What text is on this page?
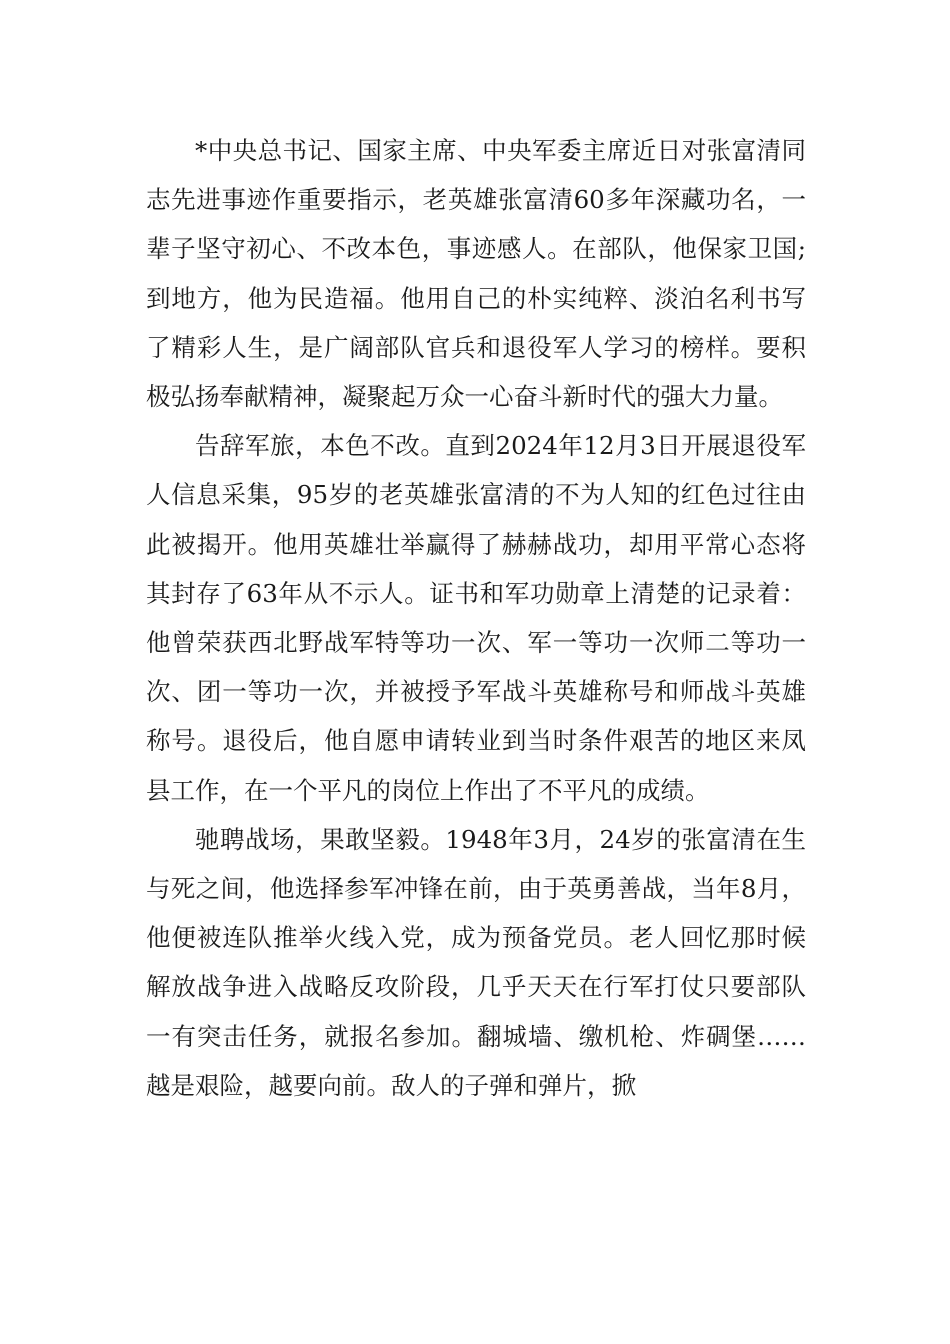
*中央总书记、国家主席、中央军委主席近日对张富清同志先进事迹作重要指示，老英雄张富清60多年深藏功名，一辈子坚守初心、不改本色，事迹感人。在部队，他保家卫国;到地方，他为民造福。他用自己的朴实纯粹、淡泊名利书写了精彩人生，是广阔部队官兵和退役军人学习的榜样。要积极弘扬奉献精神，凝聚起万众一心奋斗新时代的强大力量。

告辞军旅，本色不改。直到2024年12月3日开展退役军人信息采集，95岁的老英雄张富清的不为人知的红色过往由此被揭开。他用英雄壮举赢得了赫赫战功，却用平常心态将其封存了63年从不示人。证书和军功勋章上清楚的记录着：他曾荣获西北野战军特等功一次、军一等功一次师二等功一次、团一等功一次，并被授予军战斗英雄称号和师战斗英雄称号。退役后，他自愿申请转业到当时条件艰苦的地区来凤县工作，在一个平凡的岗位上作出了不平凡的成绩。

驰聘战场，果敢坚毅。1948年3月，24岁的张富清在生与死之间，他选择参军冲锋在前，由于英勇善战，当年8月，他便被连队推举火线入党，成为预备党员。老人回忆那时候解放战争进入战略反攻阶段，几乎天天在行军打仗只要部队一有突击任务，就报名参加。翻城墙、缴机枪、炸碉堡……越是艰险，越要向前。敌人的子弹和弹片，掀
